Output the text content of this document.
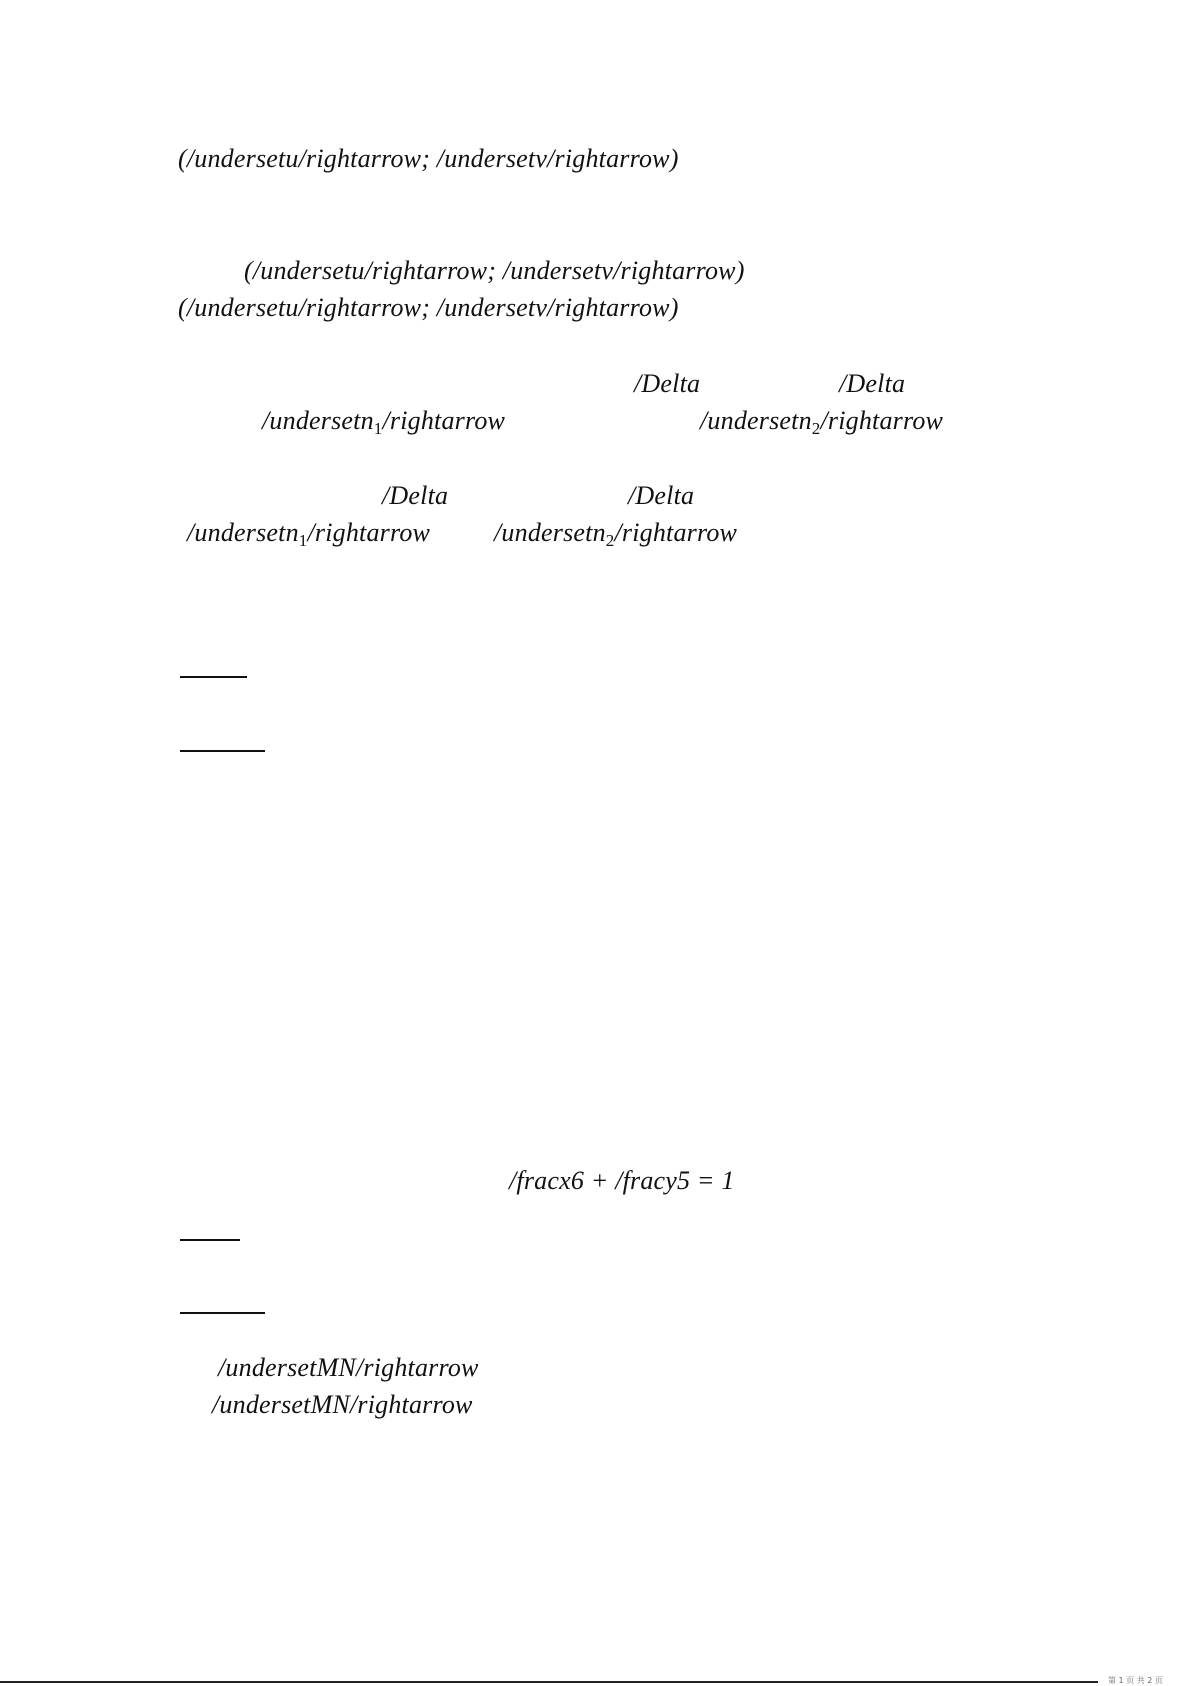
(/undersetu/rightarrow; /undersetv/rightarrow)
(/undersetu/rightarrow; /undersetv/rightarrow)
(/undersetu/rightarrow; /undersetv/rightarrow)
/Delta	/Delta
/undersetn$_1$/rightarrow	/undersetn$_2$/rightarrow
/Delta	/Delta
/undersetn$_1$/rightarrow /undersetn$_2$/rightarrow
/fracx6 + /fracy5 = 1
/undersetMN/rightarrow
/undersetMN/rightarrow
第 1 页 共 2 页
